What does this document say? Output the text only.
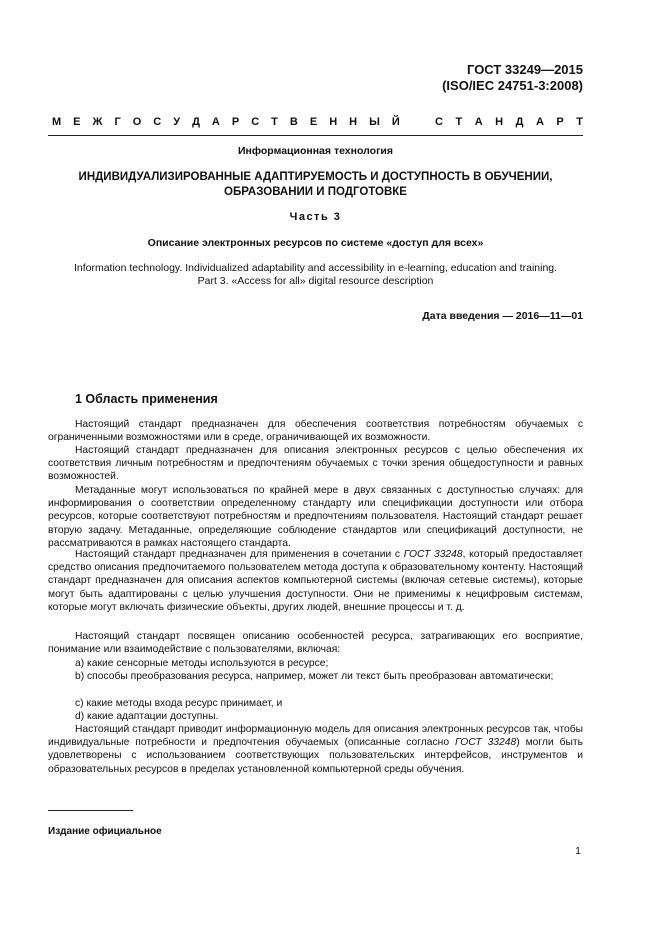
ГОСТ 33249—2015
(ISO/IEC 24751-3:2008)
М Е Ж Г О С У Д А Р С Т В Е Н Н Ы Й	С Т А Н Д А Р Т
Информационная технология
ИНДИВИДУАЛИЗИРОВАННЫЕ АДАПТИРУЕМОСТЬ И ДОСТУПНОСТЬ В ОБУЧЕНИИ,
ОБРАЗОВАНИИ И ПОДГОТОВКЕ
Часть 3
Описание электронных ресурсов по системе «доступ для всех»
Information technology. Individualized adaptability and accessibility in e-learning, education and training.
Part 3. «Access for all» digital resource description
Дата введения — 2016—11—01
1 Область применения

Настоящий стандарт предназначен для обеспечения соответствия потребностям обучаемых с ограниченными возможностями или в среде, ограничивающей их возможности.

Настоящий стандарт предназначен для описания электронных ресурсов с целью обеспечения их соответствия личным потребностям и предпочтениям обучаемых с точки зрения общедоступности и равных возможностей.

Метаданные могут использоваться по крайней мере в двух связанных с доступностью случаях: для информирования о соответствии определенному стандарту или спецификации доступности или отбора ресурсов, которые соответствуют потребностям и предпочтениям пользователя. Настоящий стандарт решает вторую задачу. Метаданные, определяющие соблюдение стандартов или спецификаций доступности, не рассматриваются в рамках настоящего стандарта.

Настоящий стандарт предназначен для применения в сочетании с ГОСТ 33248, который предоставляет средство описания предпочитаемого пользователем метода доступа к образовательному контенту. Настоящий стандарт предназначен для описания аспектов компьютерной системы (включая сетевые системы), которые могут быть адаптированы с целью улучшения доступности. Они не применимы к нецифровым системам, которые могут включать физические объекты, других людей, внешние процессы и т. д.

Настоящий стандарт посвящен описанию особенностей ресурса, затрагивающих его восприятие, понимание или взаимодействие с пользователями, включая:

а) какие сенсорные методы используются в ресурсе;
b) способы преобразования ресурса, например, может ли текст быть преобразован автоматически;
c) какие методы входа ресурс принимает, и
d) какие адаптации доступны.

Настоящий стандарт приводит информационную модель для описания электронных ресурсов так, чтобы индивидуальные потребности и предпочтения обучаемых (описанные согласно ГОСТ 33248) могли быть удовлетворены с использованием соответствующих пользовательских интерфейсов, инструментов и образовательных ресурсов в пределах установленной компьютерной среды обучения.

Издание официальное
1
